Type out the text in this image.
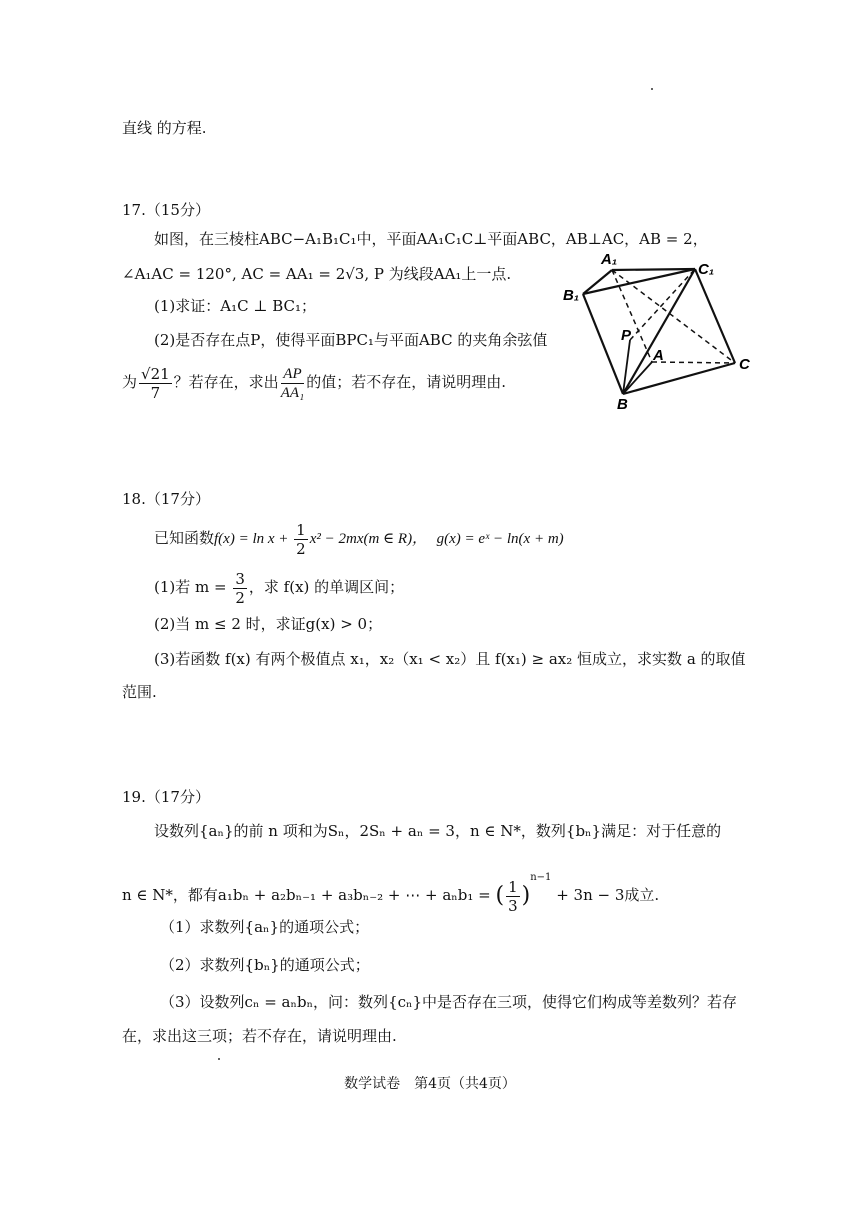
直线 的方程.
17.（15分）
如图，在三棱柱ABC−A₁B₁C₁中，平面AA₁C₁C⊥平面ABC，AB⊥AC，AB = 2，
∠A₁AC = 120°, AC = AA₁ = 2√3, P 为线段AA₁上一点.
(1)求证：A₁C ⊥ BC₁；
(2)是否存在点P，使得平面BPC₁与平面ABC 的夹角余弦值
为 $\frac{√21}{7}$ ？若存在，求出 $\frac{AP}{\text{AA₁}}$ 的值；若不存在，请说明理由.
A₁
C₁
B₁
P
A
C
B
18.（17分）
已知函数$f(x) = \ln x + \frac{1}{2} x^2 - 2mx(m$ ∈ R)， g(x) = eˣ − ln(x + m)
(1)若 $m = \frac{3}{2}$ ，求 f(x) 的单调区间；
(2)当 m ≤ 2 时，求证g(x) > 0；
(3)若函数 f(x) 有两个极值点 x₁，x₂（x₁ < x₂）且 f(x₁) ≥ ax₂ 恒成立，求实数 a 的取值
范围.
19.（17分）
设数列{aₙ}的前 n 项和为Sₙ，2Sₙ + aₙ = 3，n ∈ N*，数列{bₙ}满足：对于任意的
n ∈ N*，都有a₁bₙ + a₂bₙ₋₁ + a₃bₙ₋₂ + ⋯ + aₙb₁ = ( $\frac{1}{3} )^{n-1} + 3n - 3$成立.
（1）求数列{aₙ}的通项公式；
（2）求数列{bₙ}的通项公式；
（3）设数列cₙ = aₙbₙ，问：数列{cₙ}中是否存在三项，使得它们构成等差数列？若存
在，求出这三项；若不存在，请说明理由.
数学试卷　第4页（共4页）
